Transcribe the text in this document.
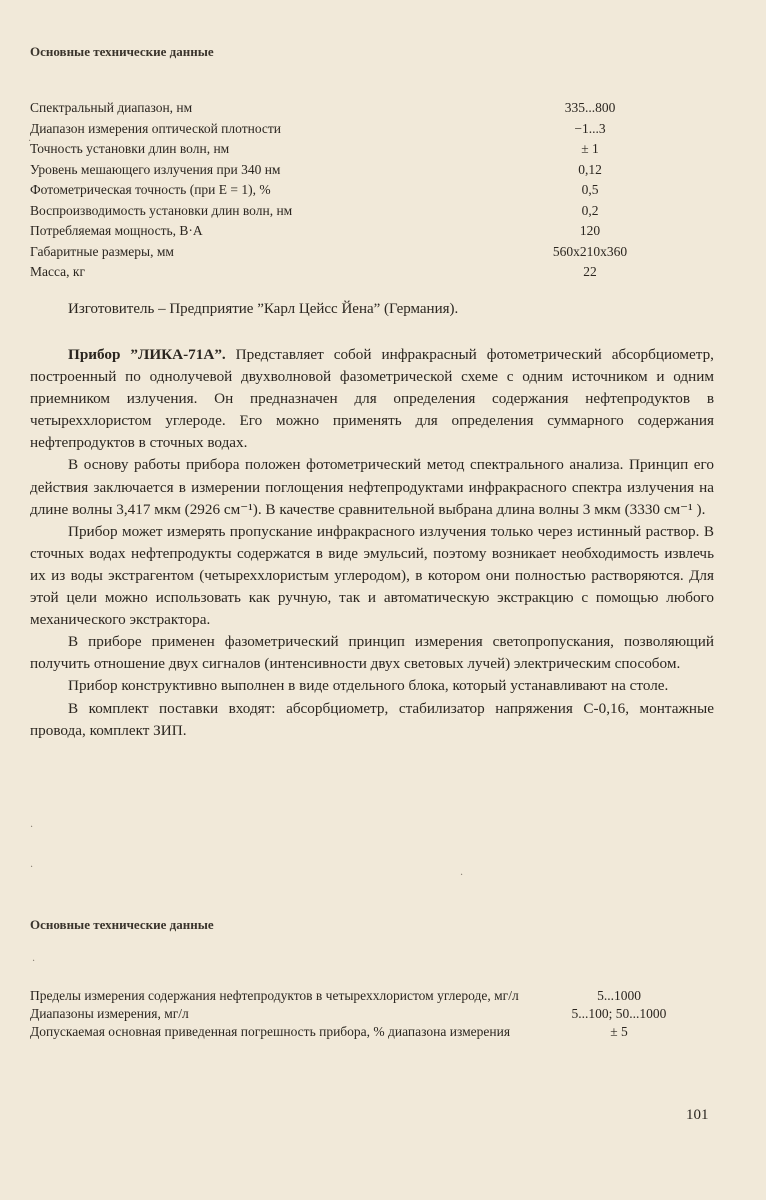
Основные технические данные
Спектральный диапазон, нм	335...800
Диапазон измерения оптической плотности	−1...3
Точность установки длин волн, нм	± 1
Уровень мешающего излучения при 340 нм	0,12
Фотометрическая точность (при E = 1), %	0,5
Воспроизводимость установки длин волн, нм	0,2
Потребляемая мощность, В·А	120
Габаритные размеры, мм	560x210x360
Масса, кг	22
Изготовитель – Предприятие ”Карл Цейсс Йена” (Германия).

Прибор ”ЛИКА-71А”. Представляет собой инфракрасный фотометрический абсорбциометр, построенный по однолучевой двухволновой фазометрической схеме с одним источником и одним приемником излучения. Он предназначен для определения содержания нефтепродуктов в четыреххлористом углероде. Его можно применять для определения суммарного содержания нефтепродуктов в сточных водах.

В основу работы прибора положен фотометрический метод спектрального анализа. Принцип его действия заключается в измерении поглощения нефтепродуктами инфракрасного спектра излучения на длине волны 3,417 мкм (2926 см⁻¹). В качестве сравнительной выбрана длина волны 3 мкм (3330 см⁻¹ ).

Прибор может измерять пропускание инфракрасного излучения только через истинный раствор. В сточных водах нефтепродукты содержатся в виде эмульсий, поэтому возникает необходимость извлечь их из воды экстрагентом (четыреххлористым углеродом), в котором они полностью растворяются. Для этой цели можно использовать как ручную, так и автоматическую экстракцию с помощью любого механического экстрактора.

В приборе применен фазометрический принцип измерения светопропускания, позволяющий получить отношение двух сигналов (интенсивности двух световых лучей) электрическим способом.

Прибор конструктивно выполнен в виде отдельного блока, который устанавливают на столе.

В комплект поставки входят: абсорбциометр, стабилизатор напряжения С-0,16, монтажные провода, комплект ЗИП.

Основные технические данные
Пределы измерения содержания нефтепродуктов в четыреххлористом углероде, мг/л	5...1000
Диапазоны измерения, мг/л	5...100; 50...1000
Допускаемая основная приведенная погрешность прибора, % диапазона измерения	± 5
101
·
·
·
·
·
